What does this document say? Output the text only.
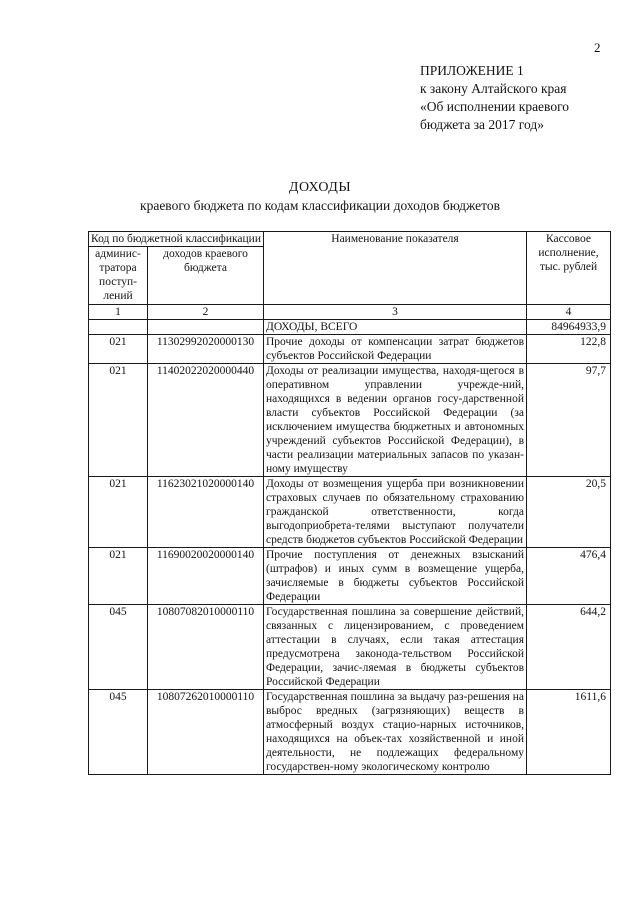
2
ПРИЛОЖЕНИЕ 1
к закону Алтайского края
«Об исполнении краевого
бюджета за 2017 год»
ДОХОДЫ
краевого бюджета по кодам классификации доходов бюджетов
Код по бюджетной классификации		Наименование показателя	Кассовое исполнение, тыс. рублей
админис-тратора поступ-лений	доходов краевого бюджета		
1	2	3	4
		ДОХОДЫ, ВСЕГО	84964933,9
021	11302992020000130	Прочие доходы от компенсации затрат бюджетов субъектов Российской Федерации	122,8
021	11402022020000440	Доходы от реализации имущества, находя-щегося в оперативном управлении учрежде-ний, находящихся в ведении органов госу-дарственной власти субъектов Российской Федерации (за исключением имущества бюджетных и автономных учреждений субъектов Российской Федерации), в части реализации материальных запасов по указан-ному имуществу	97,7
021	11623021020000140	Доходы от возмещения ущерба при возникновении страховых случаев по обязательному страхованию гражданской ответственности, когда выгодоприобрета-телями выступают получатели средств бюджетов субъектов Российской Федерации	20,5
021	11690020020000140	Прочие поступления от денежных взысканий (штрафов) и иных сумм в возмещение ущерба, зачисляемые в бюджеты субъектов Российской Федерации	476,4
045	10807082010000110	Государственная пошлина за совершение действий, связанных с лицензированием, с проведением аттестации в случаях, если такая аттестация предусмотрена законода-тельством Российской Федерации, зачис-ляемая в бюджеты субъектов Российской Федерации	644,2
045	10807262010000110	Государственная пошлина за выдачу раз-решения на выброс вредных (загрязняющих) веществ в атмосферный воздух стацио-нарных источников, находящихся на объек-тах хозяйственной и иной деятельности, не подлежащих федеральному государствен-ному экологическому контролю	1611,6
